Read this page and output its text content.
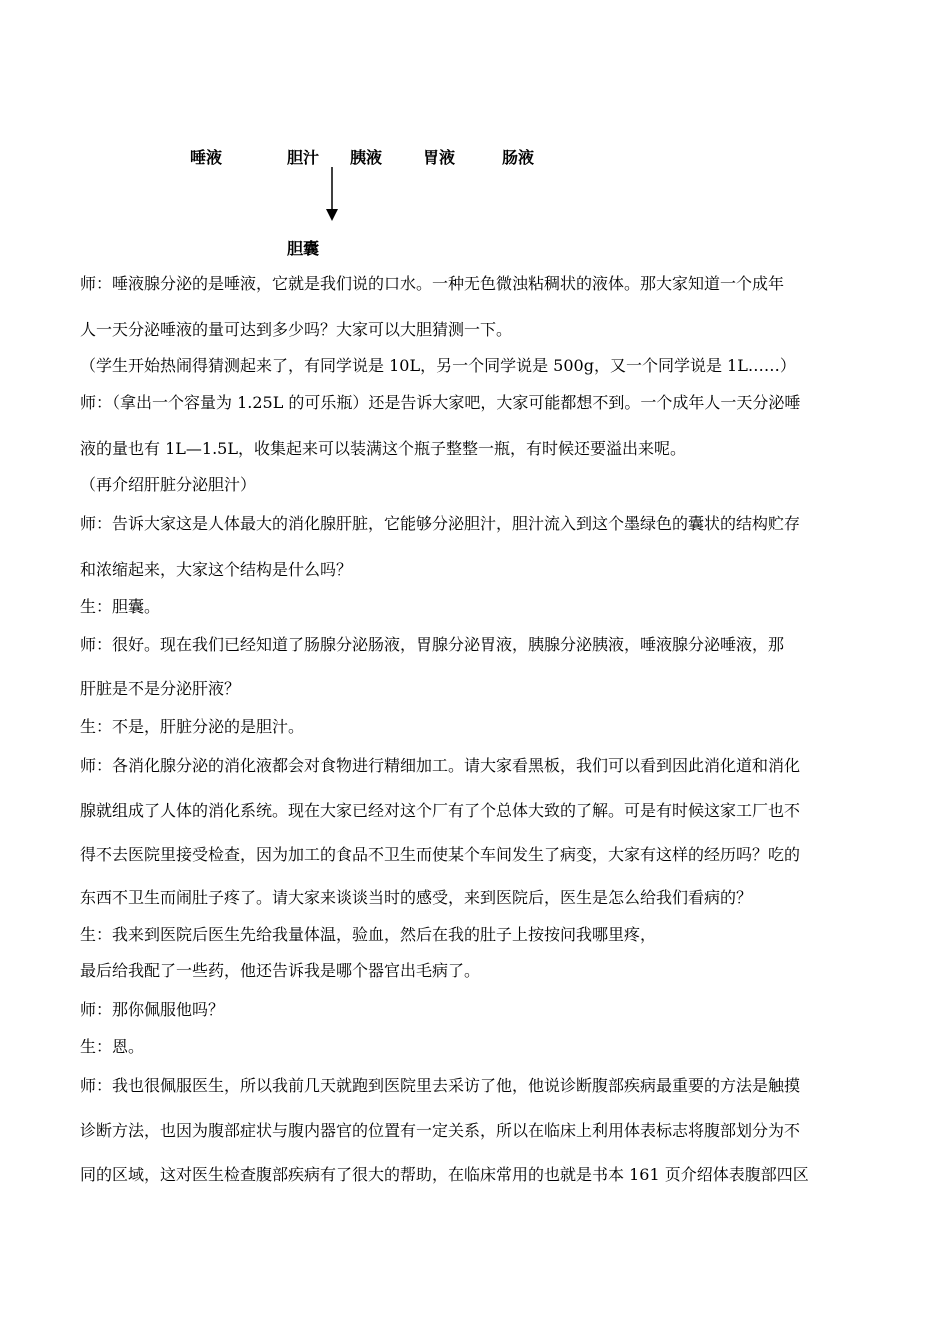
唾液	胆汁 胰液	胃液	肠液
胆囊
师：唾液腺分泌的是唾液，它就是我们说的口水。一种无色微浊粘稠状的液体。那大家知道一个成年
人一天分泌唾液的量可达到多少吗？大家可以大胆猜测一下。
（学生开始热闹得猜测起来了，有同学说是 10L，另一个同学说是 500g，又一个同学说是 1L……）
师：（拿出一个容量为 1.25L 的可乐瓶）还是告诉大家吧，大家可能都想不到。一个成年人一天分泌唾
液的量也有 1L—1.5L，收集起来可以装满这个瓶子整整一瓶，有时候还要溢出来呢。
（再介绍肝脏分泌胆汁）
师：告诉大家这是人体最大的消化腺肝脏，它能够分泌胆汁，胆汁流入到这个墨绿色的囊状的结构贮存
和浓缩起来，大家这个结构是什么吗？
生：胆囊。
师：很好。现在我们已经知道了肠腺分泌肠液，胃腺分泌胃液，胰腺分泌胰液，唾液腺分泌唾液，那
肝脏是不是分泌肝液？
生：不是，肝脏分泌的是胆汁。
师：各消化腺分泌的消化液都会对食物进行精细加工。请大家看黑板，我们可以看到因此消化道和消化
腺就组成了人体的消化系统。现在大家已经对这个厂有了个总体大致的了解。可是有时候这家工厂也不
得不去医院里接受检查，因为加工的食品不卫生而使某个车间发生了病变，大家有这样的经历吗？吃的
东西不卫生而闹肚子疼了。请大家来谈谈当时的感受，来到医院后，医生是怎么给我们看病的？
生：我来到医院后医生先给我量体温，验血，然后在我的肚子上按按问我哪里疼，
最后给我配了一些药，他还告诉我是哪个器官出毛病了。
师：那你佩服他吗？
生：恩。
师：我也很佩服医生，所以我前几天就跑到医院里去采访了他，他说诊断腹部疾病最重要的方法是触摸
诊断方法，也因为腹部症状与腹内器官的位置有一定关系，所以在临床上利用体表标志将腹部划分为不
同的区域，这对医生检查腹部疾病有了很大的帮助，在临床常用的也就是书本 161 页介绍体表腹部四区
